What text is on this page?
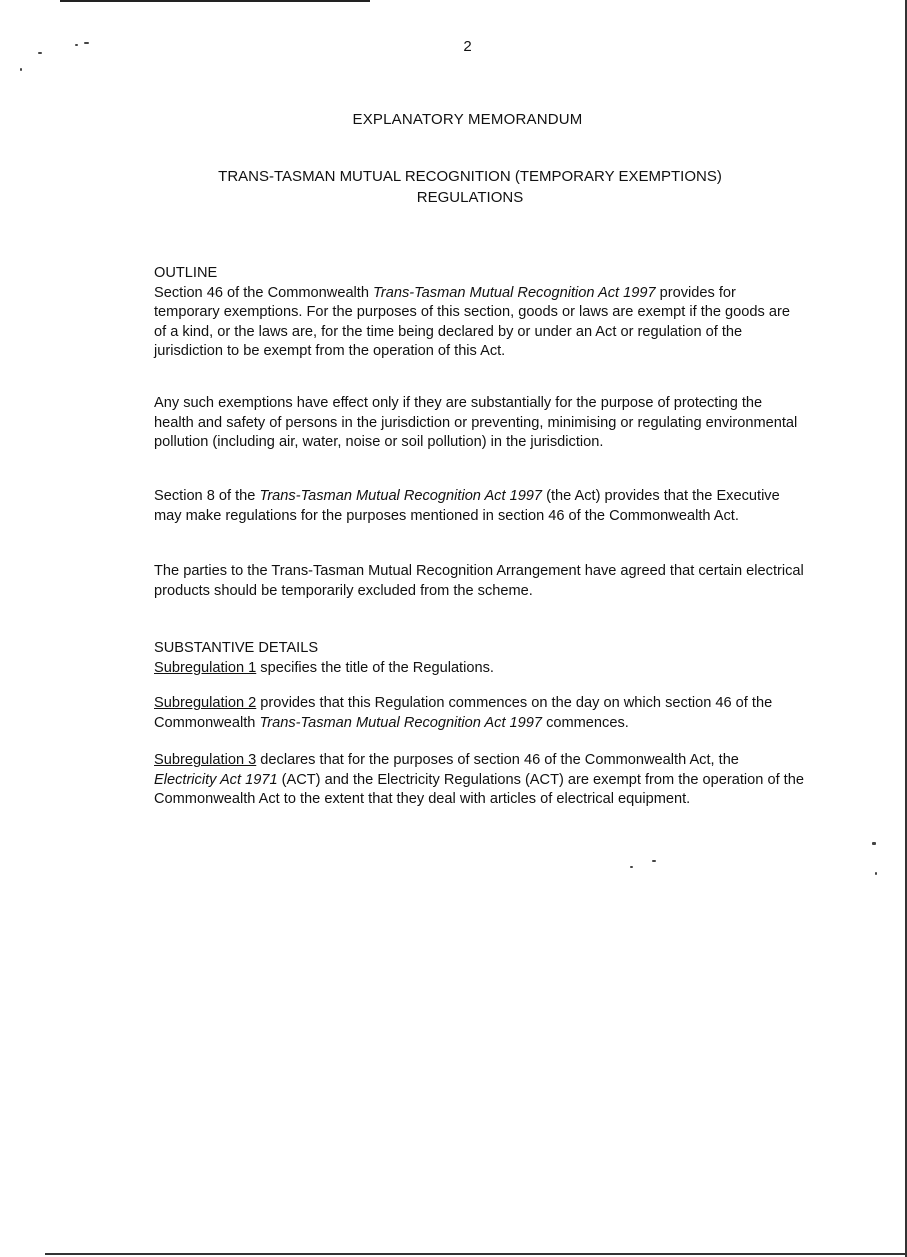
2
EXPLANATORY MEMORANDUM
TRANS-TASMAN MUTUAL RECOGNITION (TEMPORARY EXEMPTIONS)
REGULATIONS
OUTLINE

Section 46 of the Commonwealth Trans-Tasman Mutual Recognition Act 1997 provides for temporary exemptions. For the purposes of this section, goods or laws are exempt if the goods are of a kind, or the laws are, for the time being declared by or under an Act or regulation of the jurisdiction to be exempt from the operation of this Act.

Any such exemptions have effect only if they are substantially for the purpose of protecting the health and safety of persons in the jurisdiction or preventing, minimising or regulating environmental pollution (including air, water, noise or soil pollution) in the jurisdiction.

Section 8 of the Trans-Tasman Mutual Recognition Act 1997 (the Act) provides that the Executive may make regulations for the purposes mentioned in section 46 of the Commonwealth Act.

The parties to the Trans-Tasman Mutual Recognition Arrangement have agreed that certain electrical products should be temporarily excluded from the scheme.
SUBSTANTIVE DETAILS

Subregulation 1 specifies the title of the Regulations.

Subregulation 2 provides that this Regulation commences on the day on which section 46 of the Commonwealth Trans-Tasman Mutual Recognition Act 1997 commences.

Subregulation 3 declares that for the purposes of section 46 of the Commonwealth Act, the Electricity Act 1971 (ACT) and the Electricity Regulations (ACT) are exempt from the operation of the Commonwealth Act to the extent that they deal with articles of electrical equipment.
